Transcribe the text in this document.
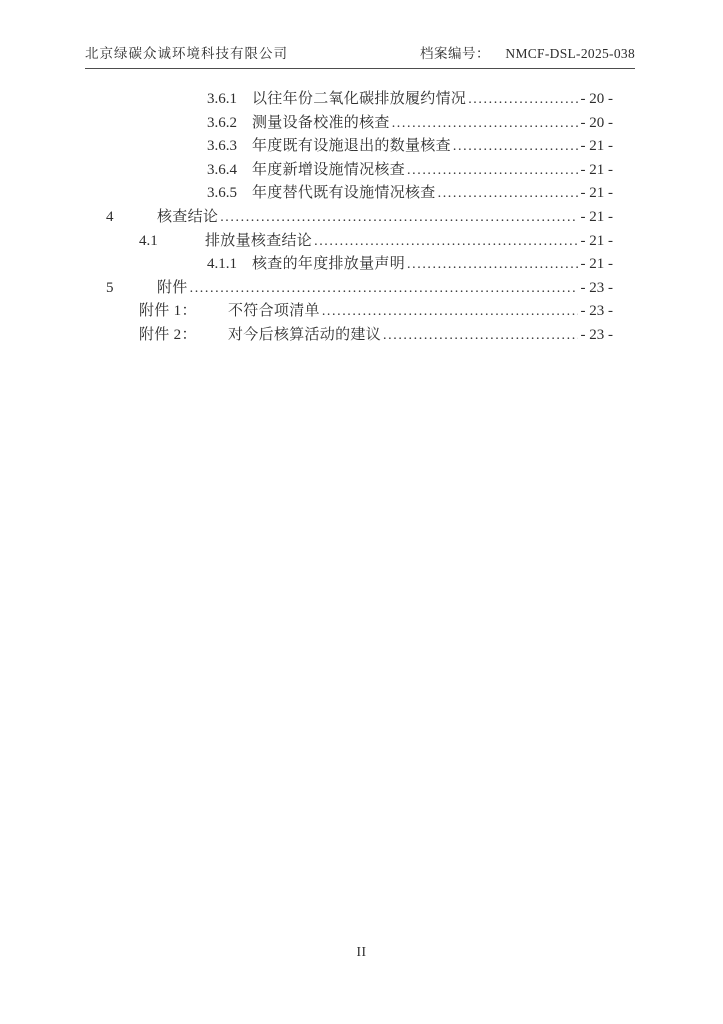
北京绿碳众诚环境科技有限公司	档案编号： NMCF-DSL-2025-038
3.6.1	以往年份二氧化碳排放履约情况 .....	- 20 -
3.6.2	测量设备校准的核查 .....	- 20 -
3.6.3	年度既有设施退出的数量核查 .....	- 21 -
3.6.4	年度新增设施情况核查 .....	- 21 -
3.6.5	年度替代既有设施情况核查 .....	- 21 -
4	核查结论 .....	- 21 -
4.1	排放量核查结论 .....	- 21 -
4.1.1	核查的年度排放量声明 .....	- 21 -
5	附件 .....	- 23 -
附件 1：	不符合项清单 .....	- 23 -
附件 2：	对今后核算活动的建议 .....	- 23 -
II
